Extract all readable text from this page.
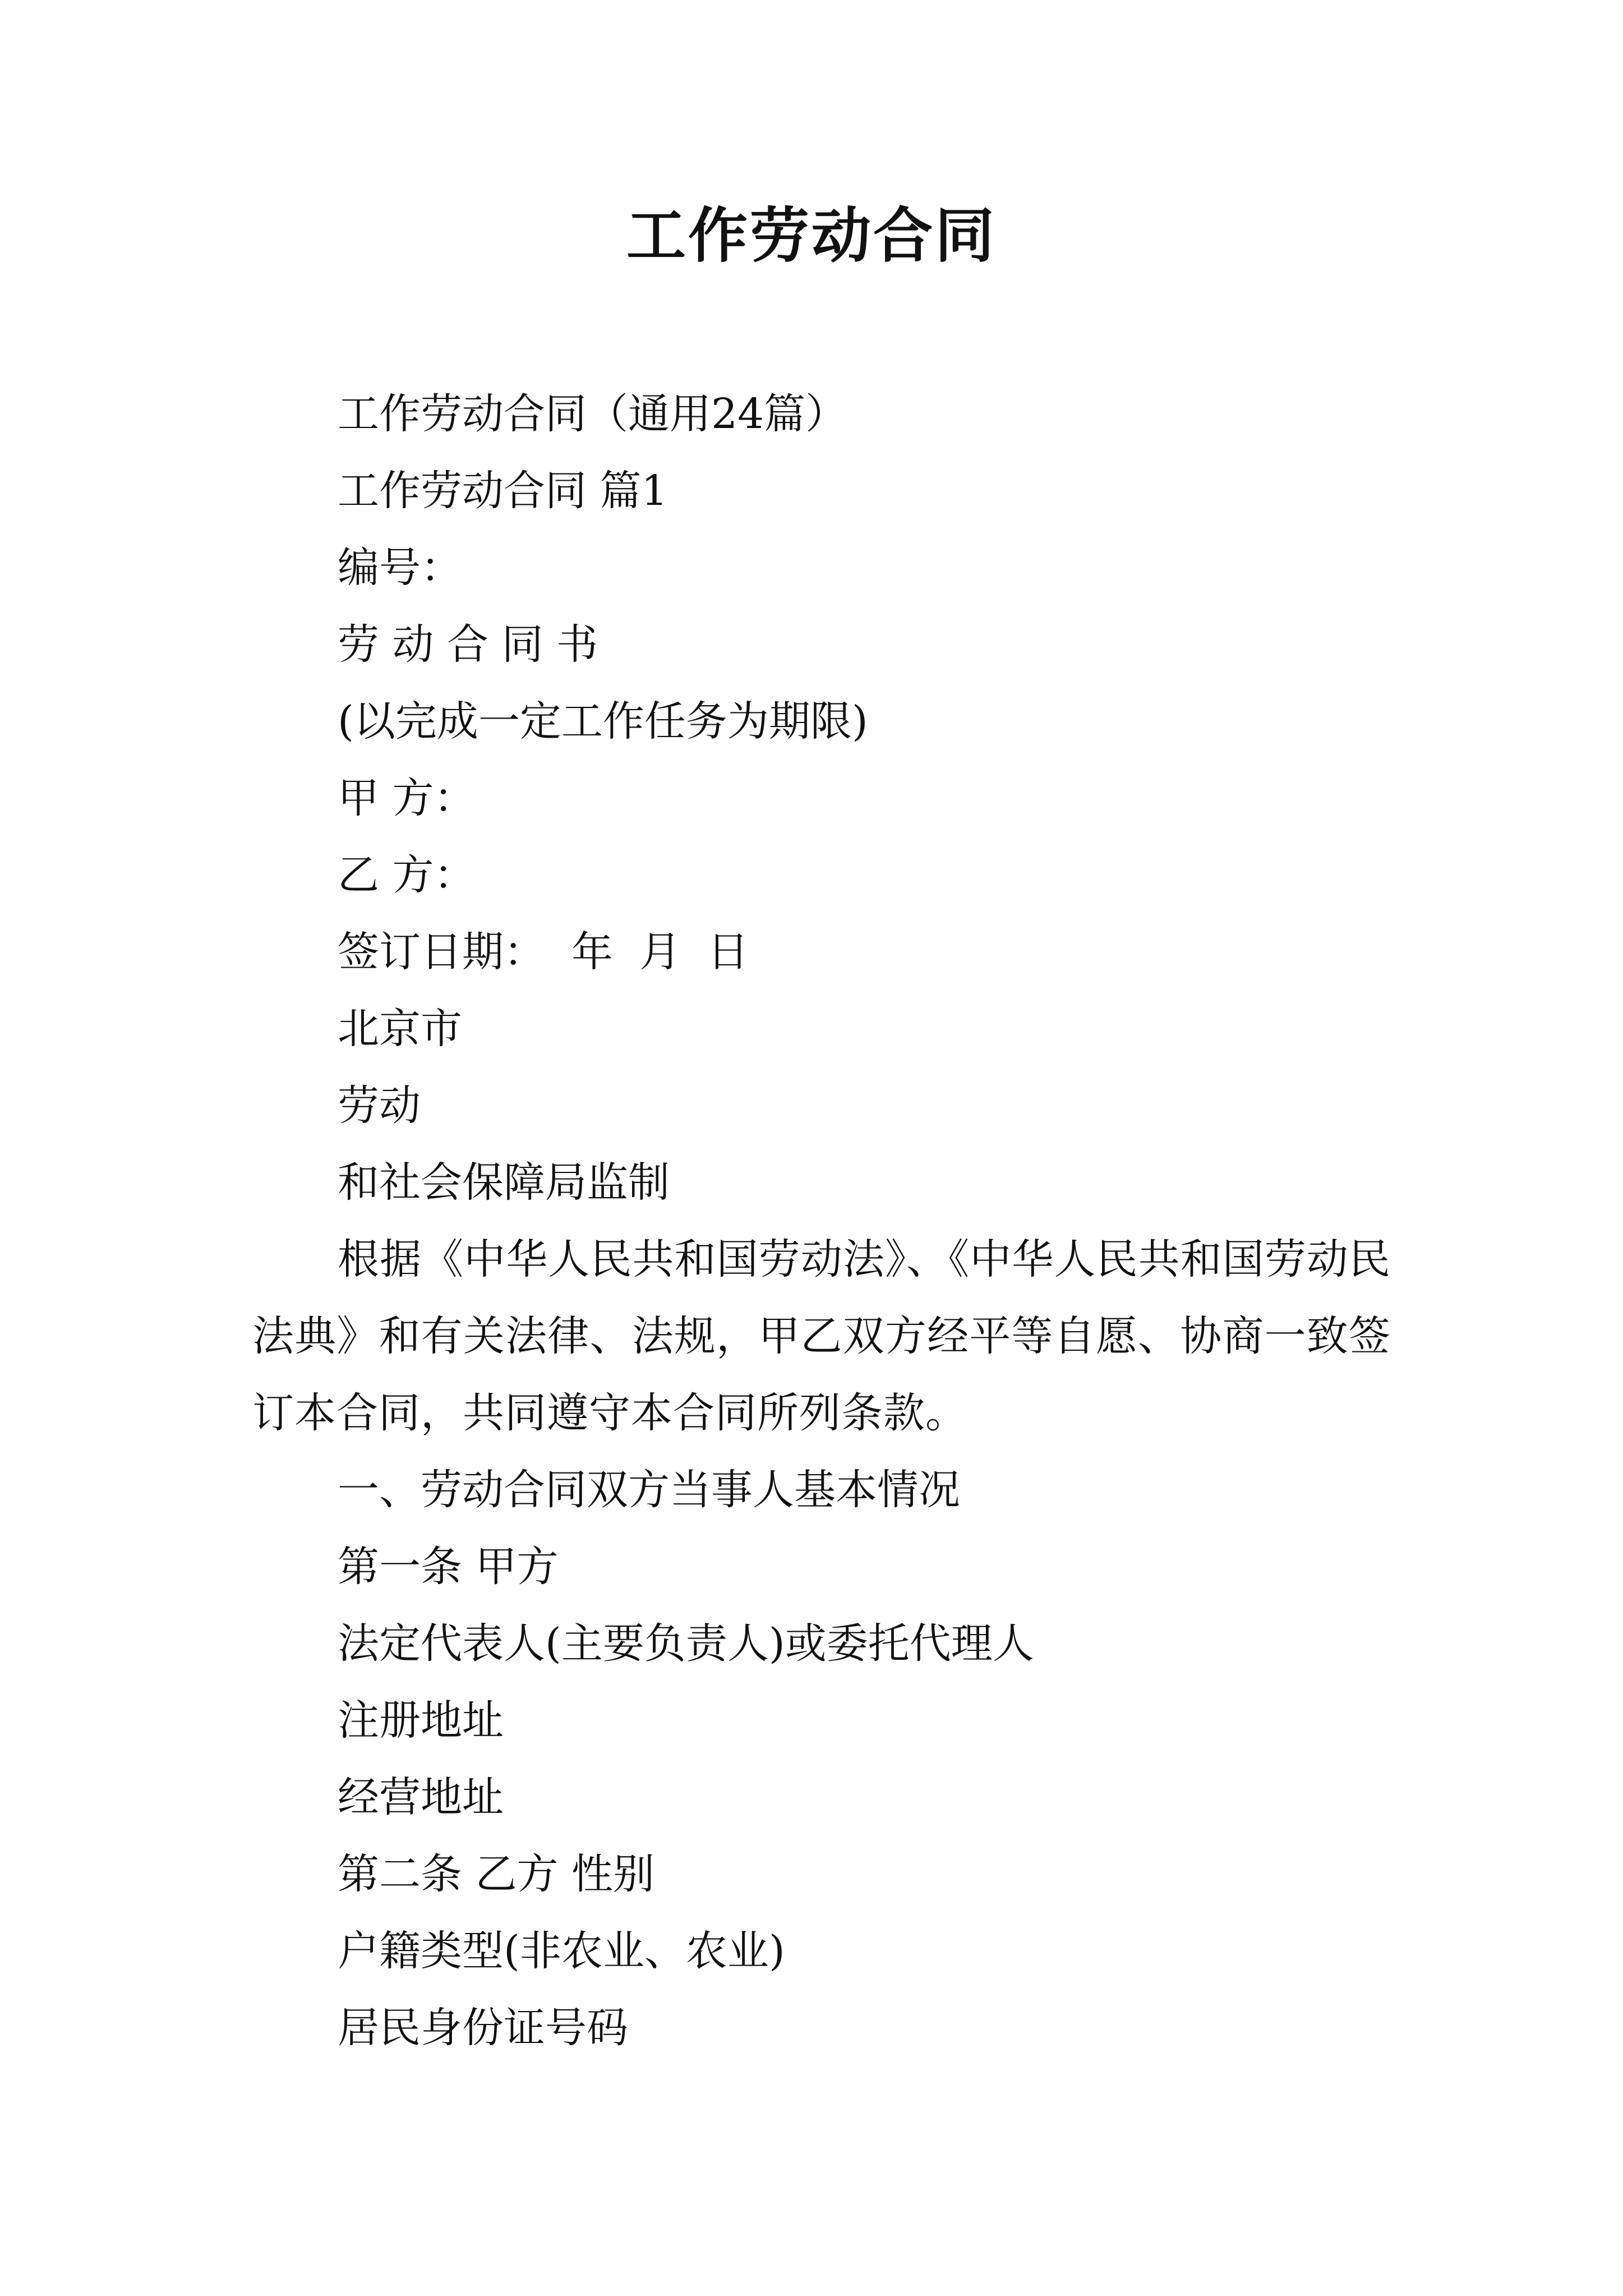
工作劳动合同

工作劳动合同（通用24篇）

工作劳动合同 篇1

编号：

劳 动 合 同 书

(以完成一定工作任务为期限)

甲 方：

乙 方：

签订日期：  年  月  日

北京市

劳动

和社会保障局监制

根据《中华人民共和国劳动法》、《中华人民共和国劳动民法典》和有关法律、法规，甲乙双方经平等自愿、协商一致签订本合同，共同遵守本合同所列条款。

一、劳动合同双方当事人基本情况

第一条 甲方

法定代表人(主要负责人)或委托代理人

注册地址

经营地址

第二条 乙方 性别

户籍类型(非农业、农业)

居民身份证号码
